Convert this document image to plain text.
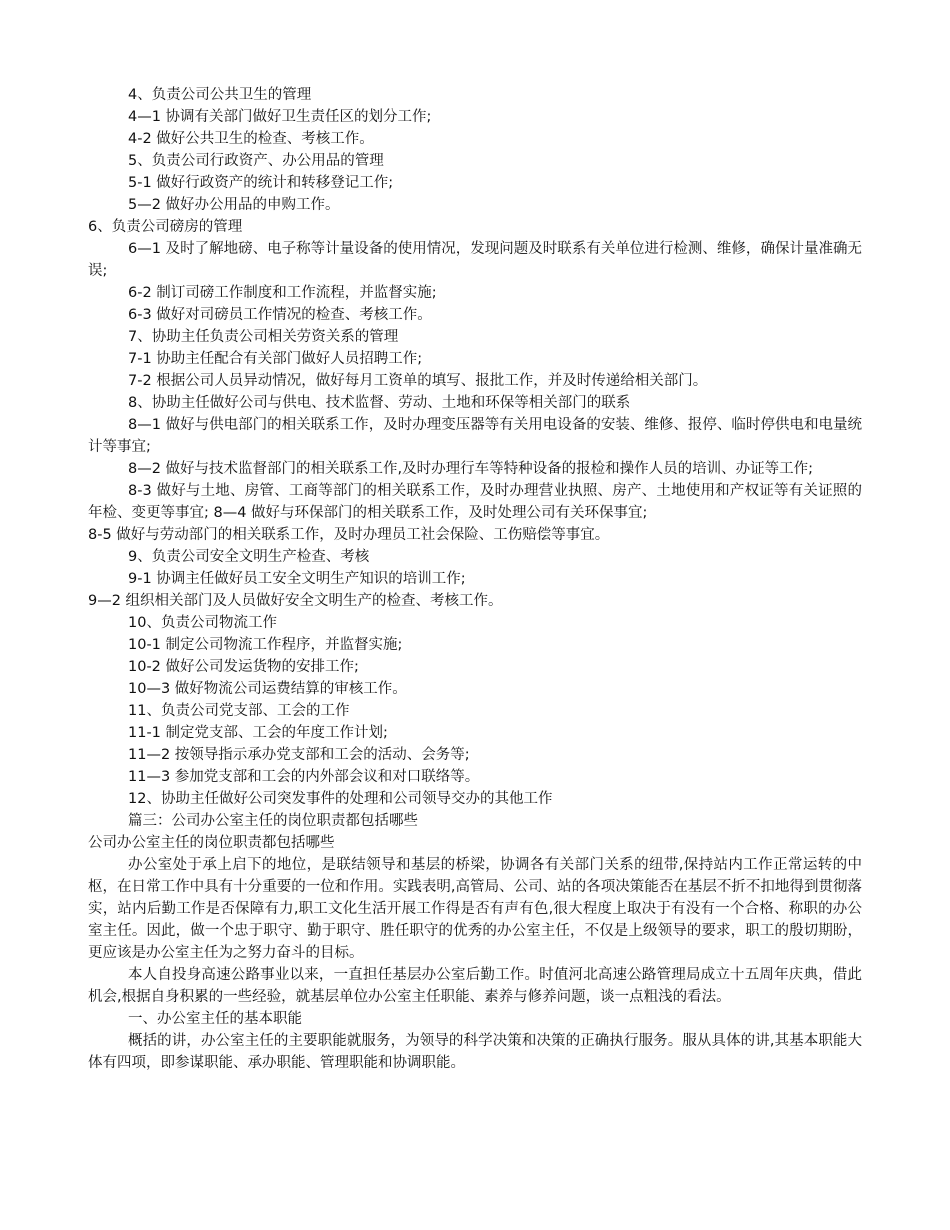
4、负责公司公共卫生的管理
4—1 协调有关部门做好卫生责任区的划分工作;
4-2 做好公共卫生的检查、考核工作。
5、负责公司行政资产、办公用品的管理
5-1 做好行政资产的统计和转移登记工作;
5—2 做好办公用品的申购工作。
6、负责公司磅房的管理

6—1 及时了解地磅、电子称等计量设备的使用情况，发现问题及时联系有关单位进行检测、维修，确保计量准确无误;

6-2 制订司磅工作制度和工作流程，并监督实施;
6-3 做好对司磅员工作情况的检查、考核工作。
7、协助主任负责公司相关劳资关系的管理
7-1 协助主任配合有关部门做好人员招聘工作;
7-2 根据公司人员异动情况，做好每月工资单的填写、报批工作，并及时传递给相关部门。
8、协助主任做好公司与供电、技术监督、劳动、土地和环保等相关部门的联系

8—1 做好与供电部门的相关联系工作，及时办理变压器等有关用电设备的安装、维修、报停、临时停供电和电量统计等事宜;

8—2 做好与技术监督部门的相关联系工作,及时办理行车等特种设备的报检和操作人员的培训、办证等工作;

8-3 做好与土地、房管、工商等部门的相关联系工作，及时办理营业执照、房产、土地使用和产权证等有关证照的年检、变更等事宜; 8—4 做好与环保部门的相关联系工作，及时处理公司有关环保事宜;

8-5 做好与劳动部门的相关联系工作，及时办理员工社会保险、工伤赔偿等事宜。
9、负责公司安全文明生产检查、考核
9-1 协调主任做好员工安全文明生产知识的培训工作;
9—2 组织相关部门及人员做好安全文明生产的检查、考核工作。
10、负责公司物流工作
10-1 制定公司物流工作程序，并监督实施;
10-2 做好公司发运货物的安排工作;
10—3 做好物流公司运费结算的审核工作。
11、负责公司党支部、工会的工作
11-1 制定党支部、工会的年度工作计划;
11—2 按领导指示承办党支部和工会的活动、会务等;
11—3 参加党支部和工会的内外部会议和对口联络等。
12、协助主任做好公司突发事件的处理和公司领导交办的其他工作
篇三：公司办公室主任的岗位职责都包括哪些
公司办公室主任的岗位职责都包括哪些

办公室处于承上启下的地位，是联结领导和基层的桥梁，协调各有关部门关系的纽带,保持站内工作正常运转的中枢，在日常工作中具有十分重要的一位和作用。实践表明,高管局、公司、站的各项决策能否在基层不折不扣地得到贯彻落实，站内后勤工作是否保障有力,职工文化生活开展工作得是否有声有色,很大程度上取决于有没有一个合格、称职的办公室主任。因此，做一个忠于职守、勤于职守、胜任职守的优秀的办公室主任，不仅是上级领导的要求，职工的殷切期盼，更应该是办公室主任为之努力奋斗的目标。

本人自投身高速公路事业以来，一直担任基层办公室后勤工作。时值河北高速公路管理局成立十五周年庆典，借此机会,根据自身积累的一些经验，就基层单位办公室主任职能、素养与修养问题，谈一点粗浅的看法。

一、办公室主任的基本职能

概括的讲，办公室主任的主要职能就服务，为领导的科学决策和决策的正确执行服务。服从具体的讲,其基本职能大体有四项，即参谋职能、承办职能、管理职能和协调职能。
